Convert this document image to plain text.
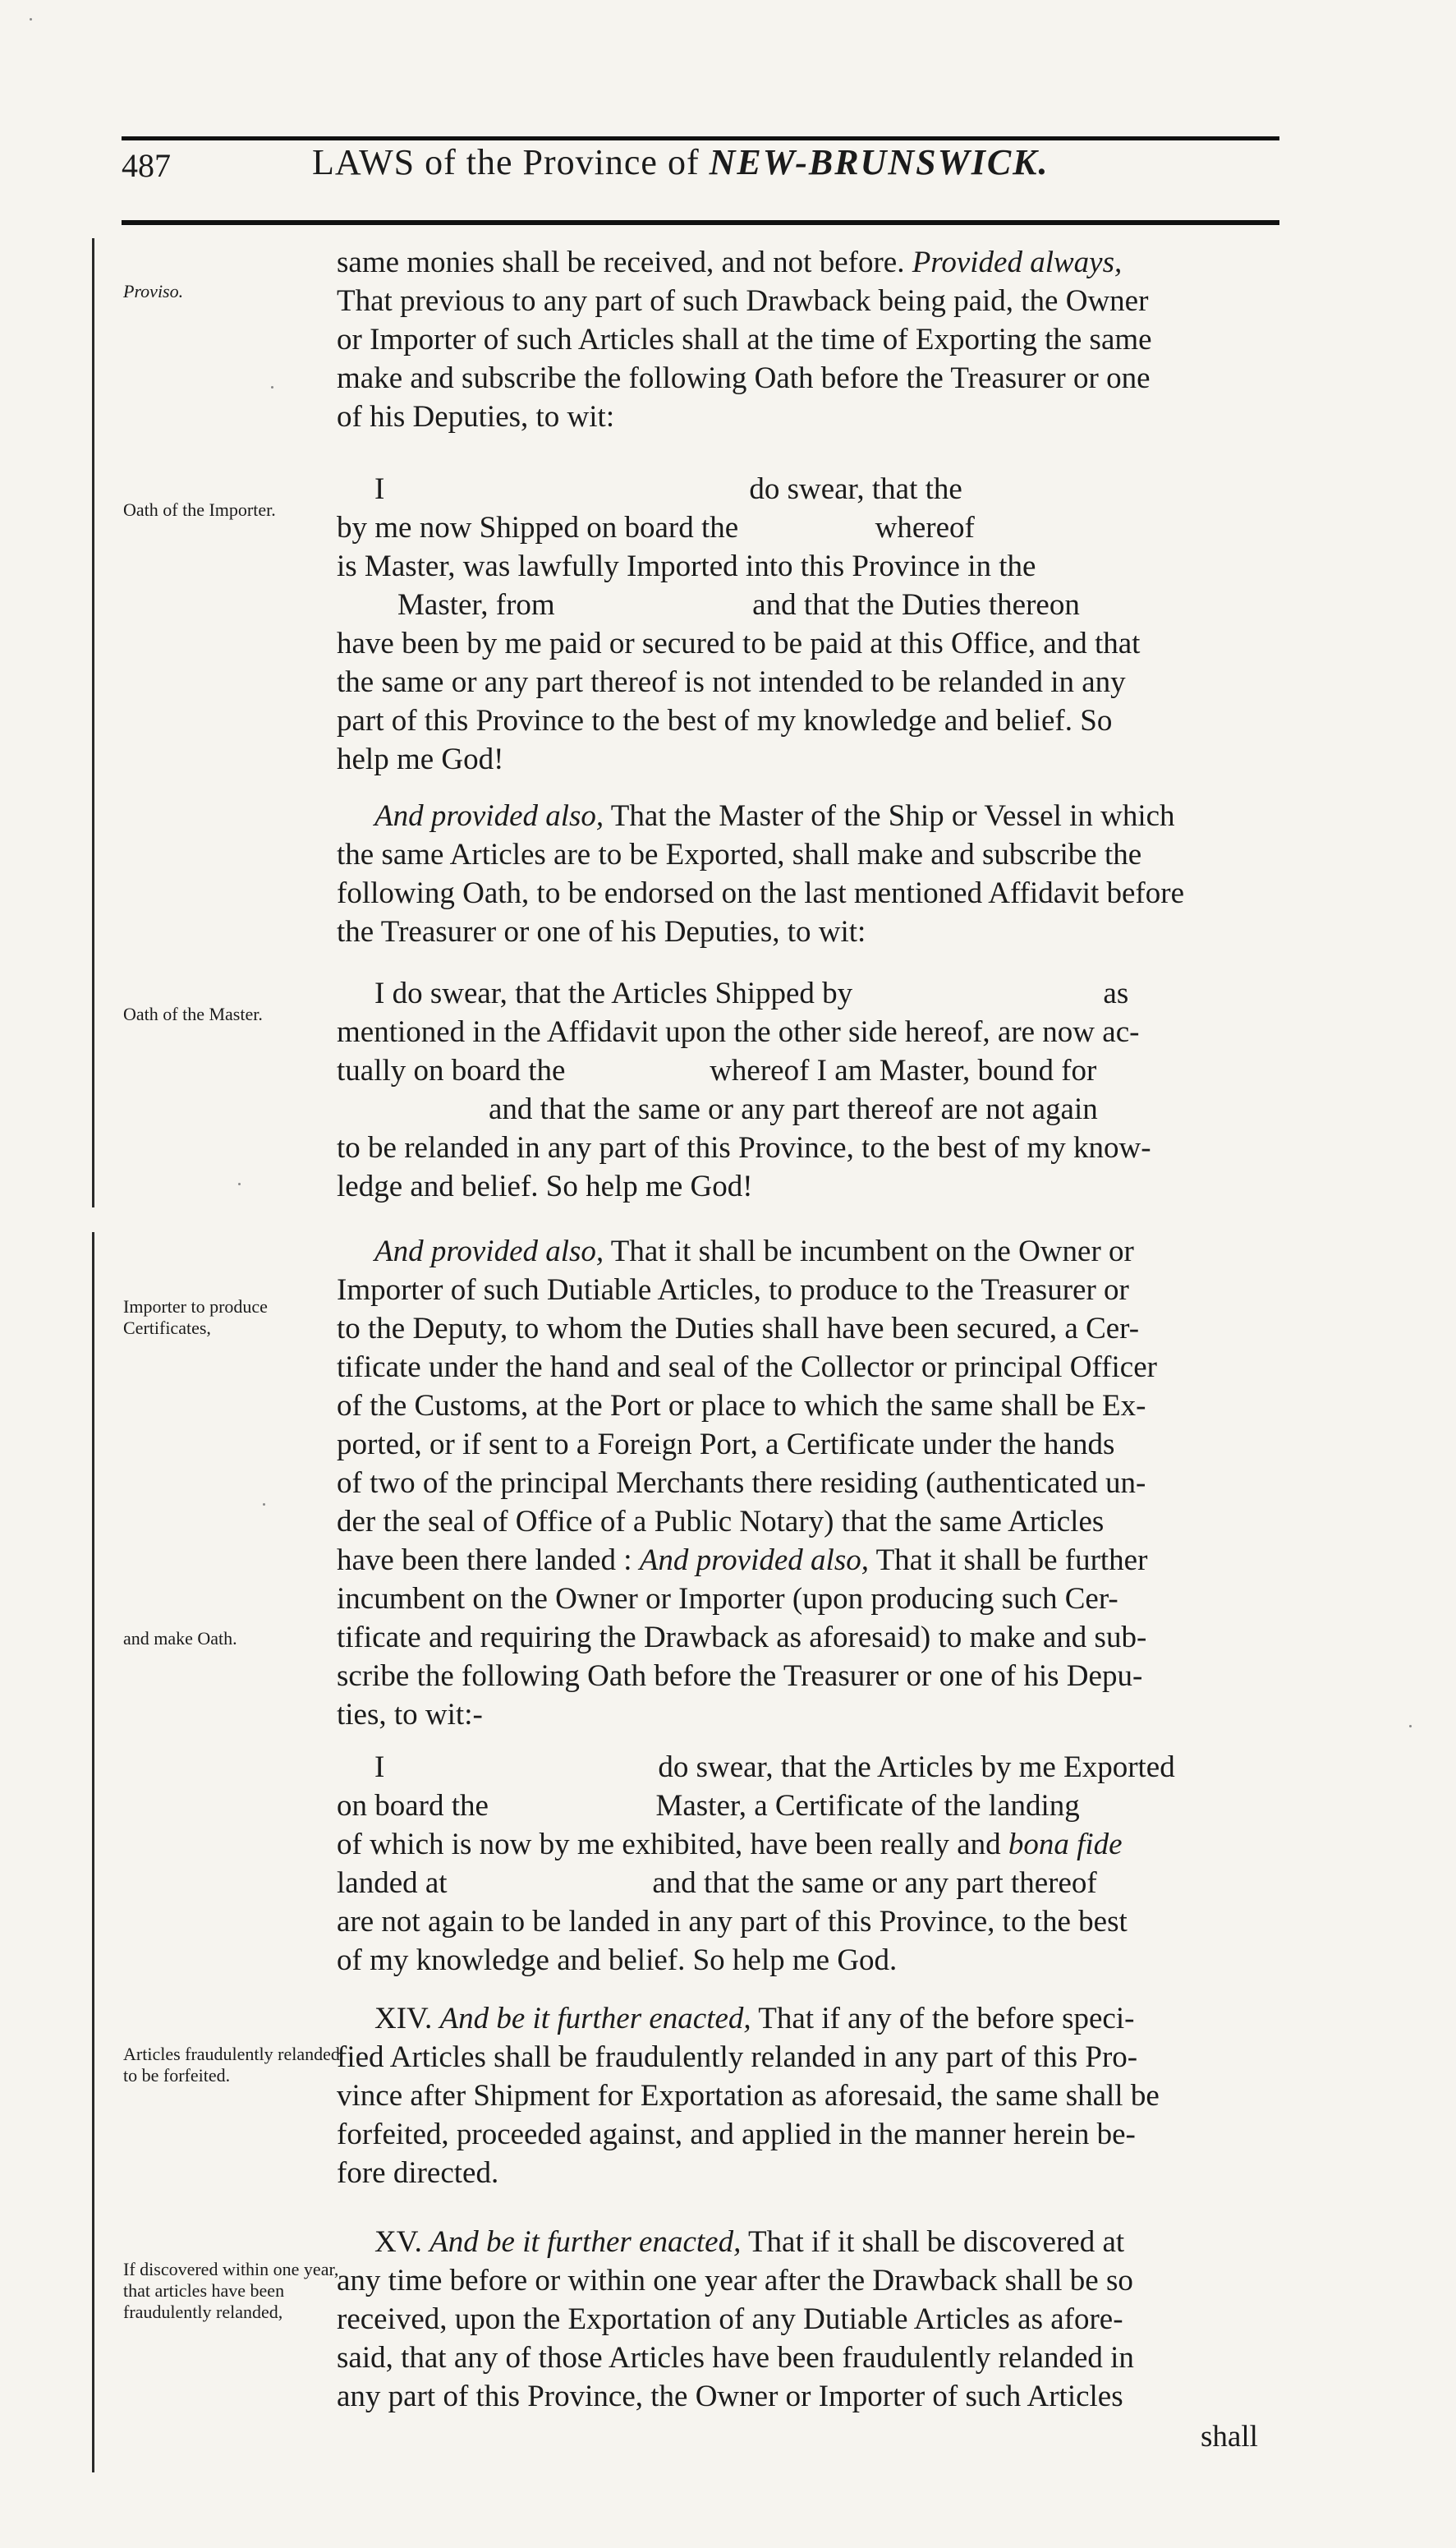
487	LAWS of the Province of NEW-BRUNSWICK.
Proviso.
Oath of the Importer.
Oath of the Master.
Importer to produce Certificates,
and make Oath.
Articles fraudulently relanded to be forfeited.
If discovered within one year, that articles have been fraudulently relanded,
same monies shall be received, and not before. Provided always,
That previous to any part of such Drawback being paid, the Owner
or Importer of such Articles shall at the time of Exporting the same
make and subscribe the following Oath before the Treasurer or one
of his Deputies, to wit:
I                                                do swear, that the
by me now Shipped on board the                  whereof
is Master, was lawfully Imported into this Province in the
Master, from                          and that the Duties thereon
have been by me paid or secured to be paid at this Office, and that
the same or any part thereof is not intended to be relanded in any
part of this Province to the best of my knowledge and belief. So
help me God!
And provided also, That the Master of the Ship or Vessel in which
the same Articles are to be Exported, shall make and subscribe the
following Oath, to be endorsed on the last mentioned Affidavit before
the Treasurer or one of his Deputies, to wit:
I do swear, that the Articles Shipped by                                 as
mentioned in the Affidavit upon the other side hereof, are now ac-
tually on board the                   whereof I am Master, bound for
and that the same or any part thereof are not again
to be relanded in any part of this Province, to the best of my know-
ledge and belief. So help me God!
And provided also, That it shall be incumbent on the Owner or
Importer of such Dutiable Articles, to produce to the Treasurer or
to the Deputy, to whom the Duties shall have been secured, a Cer-
tificate under the hand and seal of the Collector or principal Officer
of the Customs, at the Port or place to which the same shall be Ex-
ported, or if sent to a Foreign Port, a Certificate under the hands
of two of the principal Merchants there residing (authenticated un-
der the seal of Office of a Public Notary) that the same Articles
have been there landed : And provided also, That it shall be further
incumbent on the Owner or Importer (upon producing such Cer-
tificate and requiring the Drawback as aforesaid) to make and sub-
scribe the following Oath before the Treasurer or one of his Depu-
ties, to wit:-
I                                    do swear, that the Articles by me Exported
on board the                      Master, a Certificate of the landing
of which is now by me exhibited, have been really and bona fide
landed at                           and that the same or any part thereof
are not again to be landed in any part of this Province, to the best
of my knowledge and belief. So help me God.
XIV. And be it further enacted, That if any of the before speci-
fied Articles shall be fraudulently relanded in any part of this Pro-
vince after Shipment for Exportation as aforesaid, the same shall be
forfeited, proceeded against, and applied in the manner herein be-
fore directed.
XV. And be it further enacted, That if it shall be discovered at
any time before or within one year after the Drawback shall be so
received, upon the Exportation of any Dutiable Articles as afore-
said, that any of those Articles have been fraudulently relanded in
any part of this Province, the Owner or Importer of such Articles
shall
